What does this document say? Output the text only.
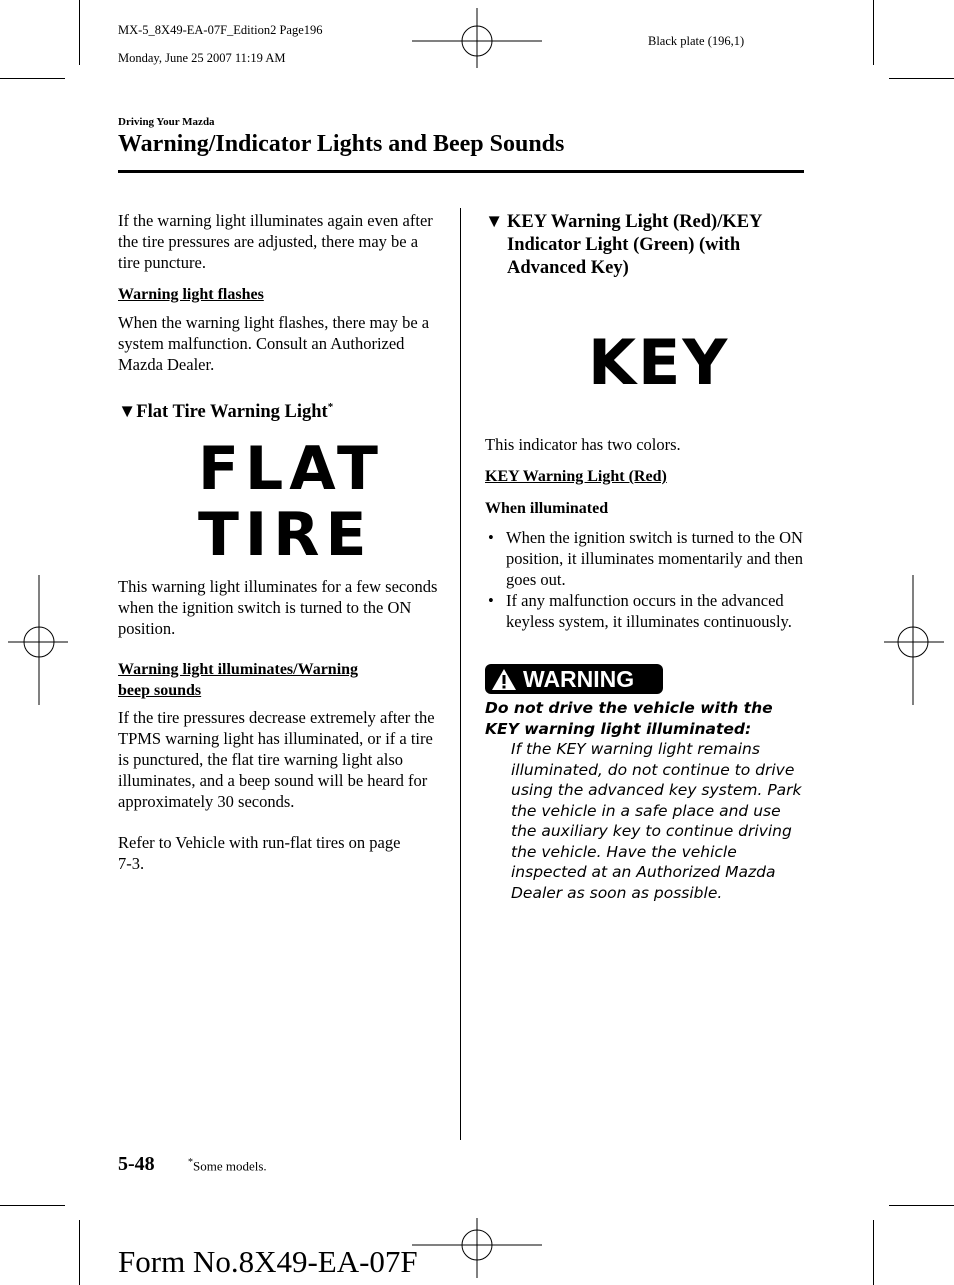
MX-5_8X49-EA-07F_Edition2 Page196

Monday, June 25 2007 11:19 AM

Black plate (196,1)
Driving Your Mazda
Warning/Indicator Lights and Beep Sounds
If the warning light illuminates again even after the tire pressures are adjusted, there may be a tire puncture.
Warning light flashes
When the warning light flashes, there may be a system malfunction. Consult an Authorized Mazda Dealer.
▼Flat Tire Warning Light*
FLAT
TIRE
This warning light illuminates for a few seconds when the ignition switch is turned to the ON position.
Warning light illuminates/Warning
beep sounds
If the tire pressures decrease extremely after the TPMS warning light has illuminated, or if a tire is punctured, the flat tire warning light also illuminates, and a beep sound will be heard for approximately 30 seconds.
Refer to Vehicle with run-flat tires on page 7-3.
▼ KEY Warning Light (Red)/KEY Indicator Light (Green) (with Advanced Key)
KEY
This indicator has two colors.
KEY Warning Light (Red)
When illuminated
• When the ignition switch is turned to the ON position, it illuminates momentarily and then goes out.
• If any malfunction occurs in the advanced keyless system, it illuminates continuously.
WARNING
Do not drive the vehicle with the KEY warning light illuminated:
If the KEY warning light remains illuminated, do not continue to drive using the advanced key system. Park the vehicle in a safe place and use the auxiliary key to continue driving the vehicle. Have the vehicle inspected at an Authorized Mazda Dealer as soon as possible.
5-48	*Some models.
Form No.8X49-EA-07F
